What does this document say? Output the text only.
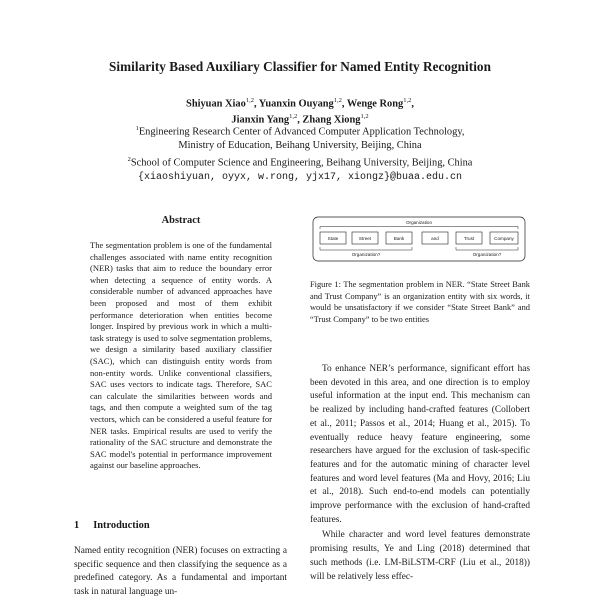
Similarity Based Auxiliary Classifier for Named Entity Recognition
Shiyuan Xiao$^{1,2}$, Yuanxin Ouyang$^{1,2}$, Wenge Rong$^{1,2}$,
Jianxin Yang$^{1,2}$, Zhang Xiong$^{1,2}$
$^1$Engineering Research Center of Advanced Computer Application Technology,
Ministry of Education, Beihang University, Beijing, China
$^2$School of Computer Science and Engineering, Beihang University, Beijing, China
{xiaoshiyuan, oyyx, w.rong, yjx17, xiongz}@buaa.edu.cn
Abstract
The segmentation problem is one of the fundamental challenges associated with name entity recognition (NER) tasks that aim to reduce the boundary error when detecting a sequence of entity words. A considerable number of advanced approaches have been proposed and most of them exhibit performance deterioration when entities become longer. Inspired by previous work in which a multi-task strategy is used to solve segmentation problems, we design a similarity based auxiliary classifier (SAC), which can distinguish entity words from non-entity words. Unlike conventional classifiers, SAC uses vectors to indicate tags. Therefore, SAC can calculate the similarities between words and tags, and then compute a weighted sum of the tag vectors, which can be considered a useful feature for NER tasks. Empirical results are used to verify the rationality of the SAC structure and demonstrate the SAC model's potential in performance improvement against our baseline approaches.
1 Introduction
Named entity recognition (NER) focuses on extracting a specific sequence and then classifying the sequence as a predefined category. As a fundamental and important task in natural language un-
Organization
State	Street	Bank	and	Trust	Company
Organization?	Organization?
Figure 1: The segmentation problem in NER. “State Street Bank and Trust Company” is an organization entity with six words, it would be unsatisfactory if we consider “State Street Bank” and “Trust Company” to be two entities

To enhance NER’s performance, significant effort has been devoted in this area, and one direction is to employ useful information at the input end. This mechanism can be realized by including hand-crafted features (Collobert et al., 2011; Passos et al., 2014; Huang et al., 2015). To eventually reduce heavy feature engineering, some researchers have argued for the exclusion of task-specific features and for the automatic mining of character level features and word level features (Ma and Hovy, 2016; Liu et al., 2018). Such end-to-end models can potentially improve performance with the exclusion of hand-crafted features.

While character and word level features demonstrate promising results, Ye and Ling (2018) determined that such methods (i.e. LM-BiLSTM-CRF (Liu et al., 2018)) will be relatively less effec-
